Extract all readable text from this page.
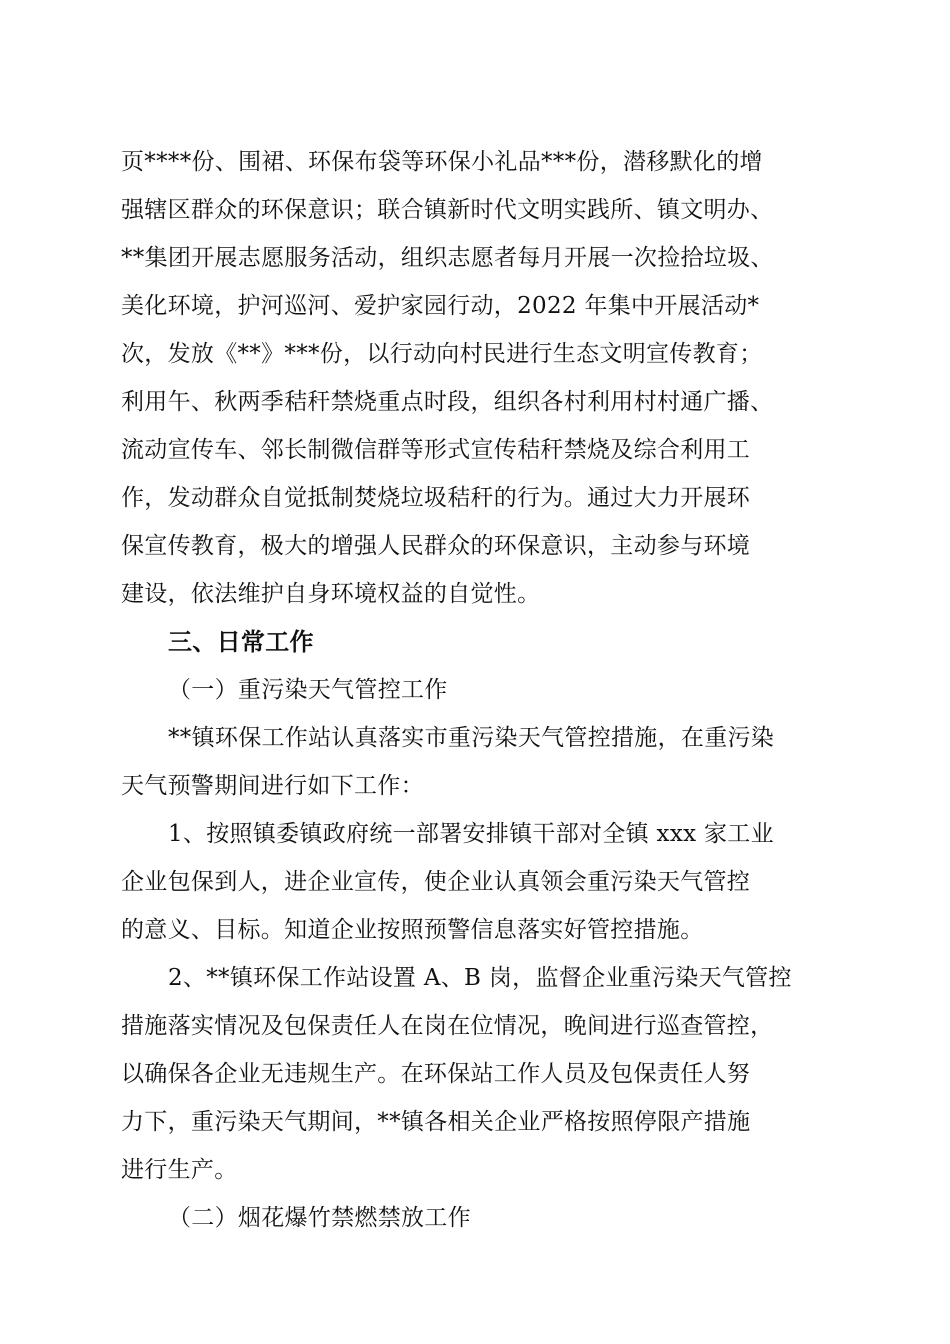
页****份、围裙、环保布袋等环保小礼品***份，潜移默化的增
强辖区群众的环保意识；联合镇新时代文明实践所、镇文明办、
**集团开展志愿服务活动，组织志愿者每月开展一次捡拾垃圾、
美化环境，护河巡河、爱护家园行动，2022 年集中开展活动*
次，发放《**》***份，以行动向村民进行生态文明宣传教育；
利用午、秋两季秸秆禁烧重点时段，组织各村利用村村通广播、
流动宣传车、邻长制微信群等形式宣传秸秆禁烧及综合利用工
作，发动群众自觉抵制焚烧垃圾秸秆的行为。通过大力开展环
保宣传教育，极大的增强人民群众的环保意识，主动参与环境
建设，依法维护自身环境权益的自觉性。
三、日常工作
（一）重污染天气管控工作
**镇环保工作站认真落实市重污染天气管控措施，在重污染
天气预警期间进行如下工作：
1、按照镇委镇政府统一部署安排镇干部对全镇 xxx 家工业
企业包保到人，进企业宣传，使企业认真领会重污染天气管控
的意义、目标。知道企业按照预警信息落实好管控措施。
2、**镇环保工作站设置 A、B 岗，监督企业重污染天气管控
措施落实情况及包保责任人在岗在位情况，晚间进行巡查管控，
以确保各企业无违规生产。在环保站工作人员及包保责任人努
力下，重污染天气期间，**镇各相关企业严格按照停限产措施
进行生产。
（二）烟花爆竹禁燃禁放工作
